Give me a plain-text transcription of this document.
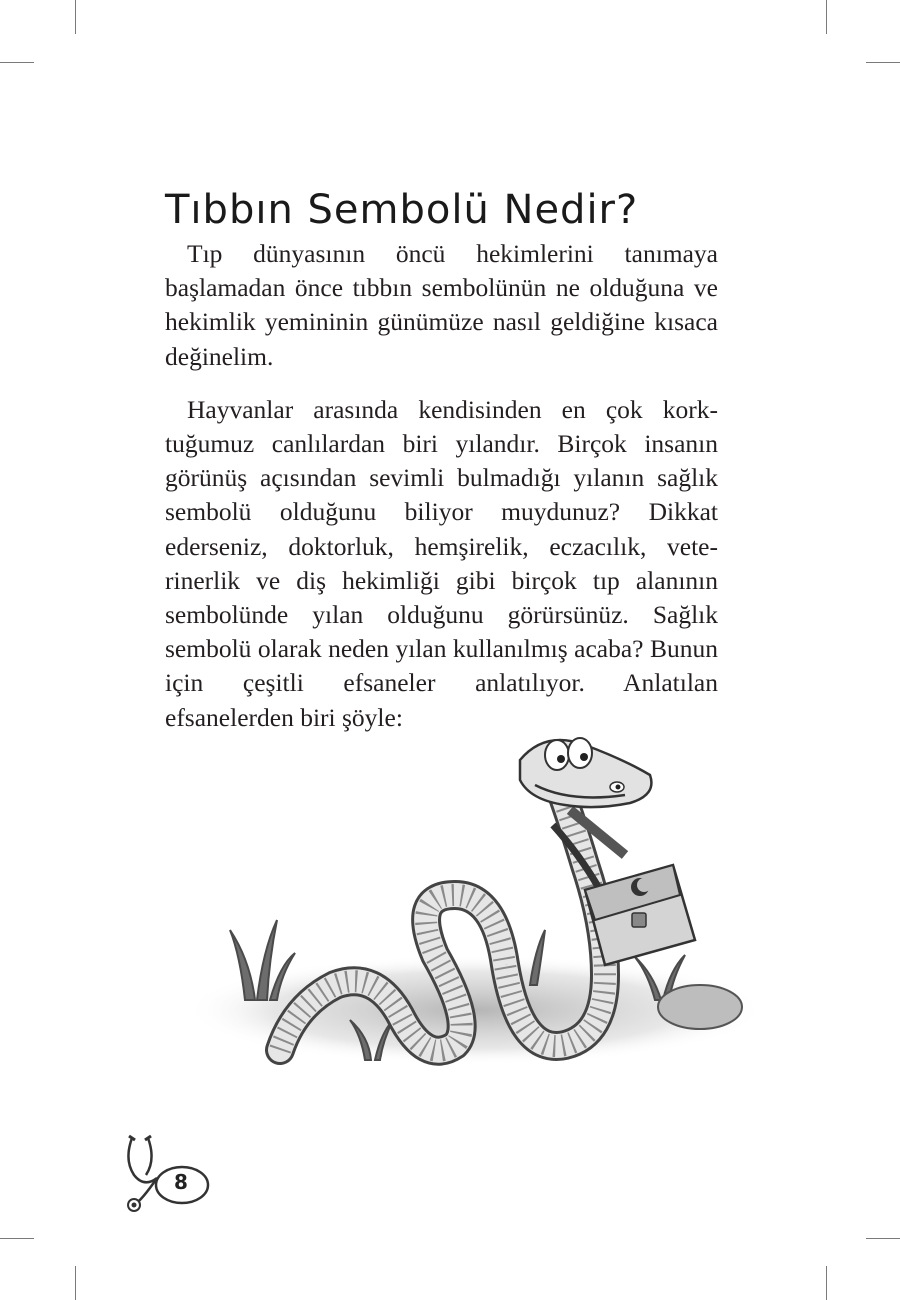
Tıbbın Sembolü Nedir?

Tıp dünyasının öncü hekimlerini tanımaya başlamadan önce tıbbın sembolünün ne olduğuna ve hekimlik yemininin günümüze nasıl geldiğine kısaca değinelim.

Hayvanlar arasında kendisinden en çok korktuğumuz canlılardan biri yılandır. Birçok insanın görünüş açısından sevimli bulmadığı yılanın sağlık sembolü olduğunu biliyor muydunuz? Dikkat ederseniz, doktorluk, hemşirelik, eczacılık, veterinerlik ve diş hekimliği gibi birçok tıp alanının sembolünde yılan olduğunu görürsünüz. Sağlık sembolü olarak neden yılan kullanılmış acaba? Bunun için çeşitli efsaneler anlatılıyor. Anlatılan efsanelerden biri şöyle:

8
